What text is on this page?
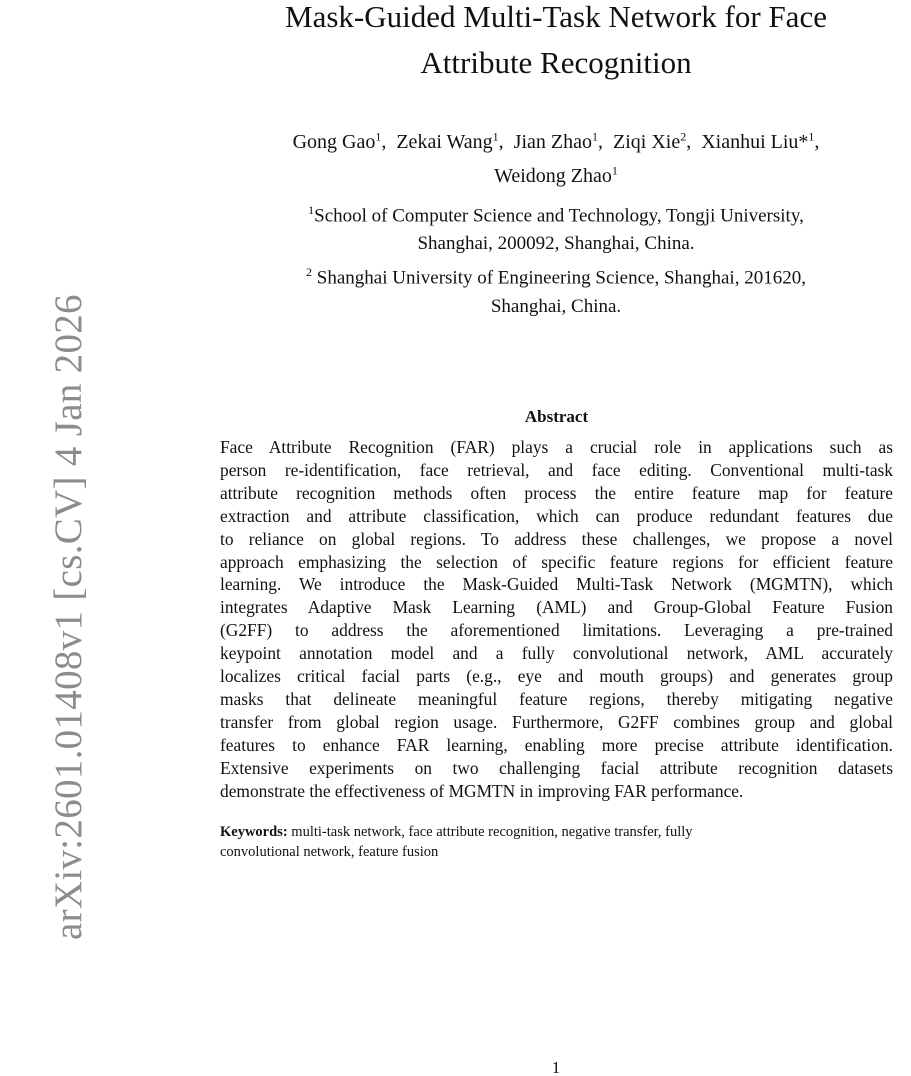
arXiv:2601.01408v1 [cs.CV] 4 Jan 2026
Mask-Guided Multi-Task Network for Face
Attribute Recognition
Gong Gao$^1$,  Zekai Wang$^1$,  Jian Zhao$^1$,  Ziqi Xie$^2$,  Xianhui Liu*$^1$,
Weidong Zhao$^1$
$^1$School of Computer Science and Technology, Tongji University,
Shanghai, 200092, Shanghai, China.
$^2$ Shanghai University of Engineering Science, Shanghai, 201620,
Shanghai, China.
Abstract
Face Attribute Recognition (FAR) plays a crucial role in applications such as
person re-identification, face retrieval, and face editing. Conventional multi-task
attribute recognition methods often process the entire feature map for feature
extraction and attribute classification, which can produce redundant features due
to reliance on global regions. To address these challenges, we propose a novel
approach emphasizing the selection of specific feature regions for efficient feature
learning. We introduce the Mask-Guided Multi-Task Network (MGMTN), which
integrates Adaptive Mask Learning (AML) and Group-Global Feature Fusion
(G2FF) to address the aforementioned limitations. Leveraging a pre-trained
keypoint annotation model and a fully convolutional network, AML accurately
localizes critical facial parts (e.g., eye and mouth groups) and generates group
masks that delineate meaningful feature regions, thereby mitigating negative
transfer from global region usage. Furthermore, G2FF combines group and global
features to enhance FAR learning, enabling more precise attribute identification.
Extensive experiments on two challenging facial attribute recognition datasets
demonstrate the effectiveness of MGMTN in improving FAR performance.
Keywords: multi-task network, face attribute recognition, negative transfer, fully
convolutional network, feature fusion
1
